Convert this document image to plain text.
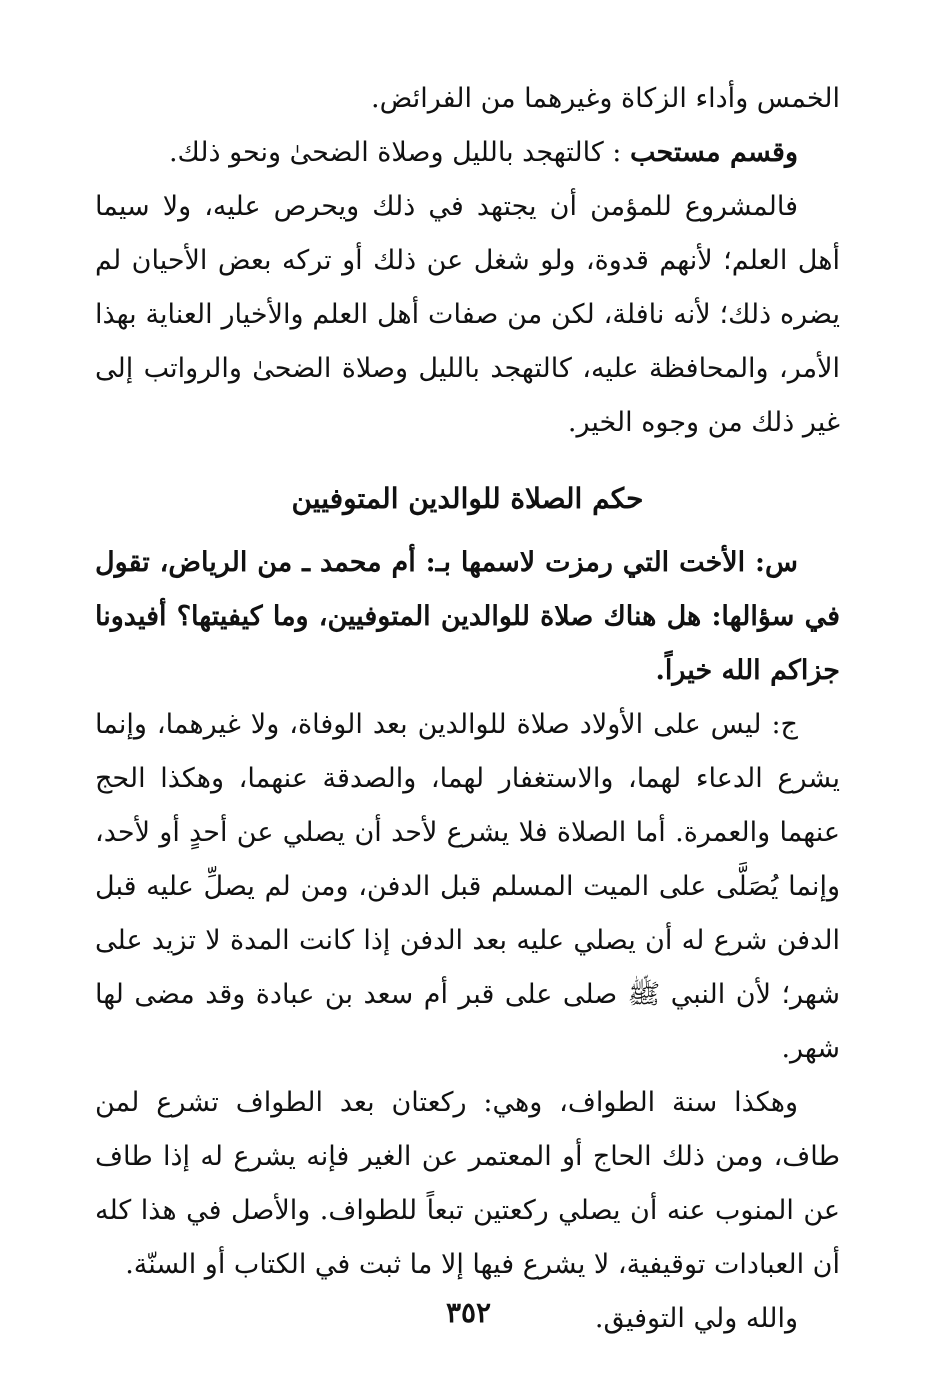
الخمس وأداء الزكاة وغيرهما من الفرائض.

وقسم مستحب : كالتهجد بالليل وصلاة الضحىٰ ونحو ذلك.

فالمشروع للمؤمن أن يجتهد في ذلك ويحرص عليه، ولا سيما أهل العلم؛ لأنهم قدوة، ولو شغل عن ذلك أو تركه بعض الأحيان لم يضره ذلك؛ لأنه نافلة، لكن من صفات أهل العلم والأخيار العناية بهذا الأمر، والمحافظة عليه، كالتهجد بالليل وصلاة الضحىٰ والرواتب إلى غير ذلك من وجوه الخير.

حكم الصلاة للوالدين المتوفيين

س: الأخت التي رمزت لاسمها بـ: أم محمد ـ من الرياض، تقول في سؤالها: هل هناك صلاة للوالدين المتوفيين، وما كيفيتها؟ أفيدونا جزاكم الله خيراً.

ج: ليس على الأولاد صلاة للوالدين بعد الوفاة، ولا غيرهما، وإنما يشرع الدعاء لهما، والاستغفار لهما، والصدقة عنهما، وهكذا الحج عنهما والعمرة. أما الصلاة فلا يشرع لأحد أن يصلي عن أحدٍ أو لأحد، وإنما يُصَلَّى على الميت المسلم قبل الدفن، ومن لم يصلِّ عليه قبل الدفن شرع له أن يصلي عليه بعد الدفن إذا كانت المدة لا تزيد على شهر؛ لأن النبي ﷺ صلى على قبر أم سعد بن عبادة وقد مضى لها شهر.

وهكذا سنة الطواف، وهي: ركعتان بعد الطواف تشرع لمن طاف، ومن ذلك الحاج أو المعتمر عن الغير فإنه يشرع له إذا طاف عن المنوب عنه أن يصلي ركعتين تبعاً للطواف. والأصل في هذا كله أن العبادات توقيفية، لا يشرع فيها إلا ما ثبت في الكتاب أو السنّة.

والله ولي التوفيق.

٣٥٢
